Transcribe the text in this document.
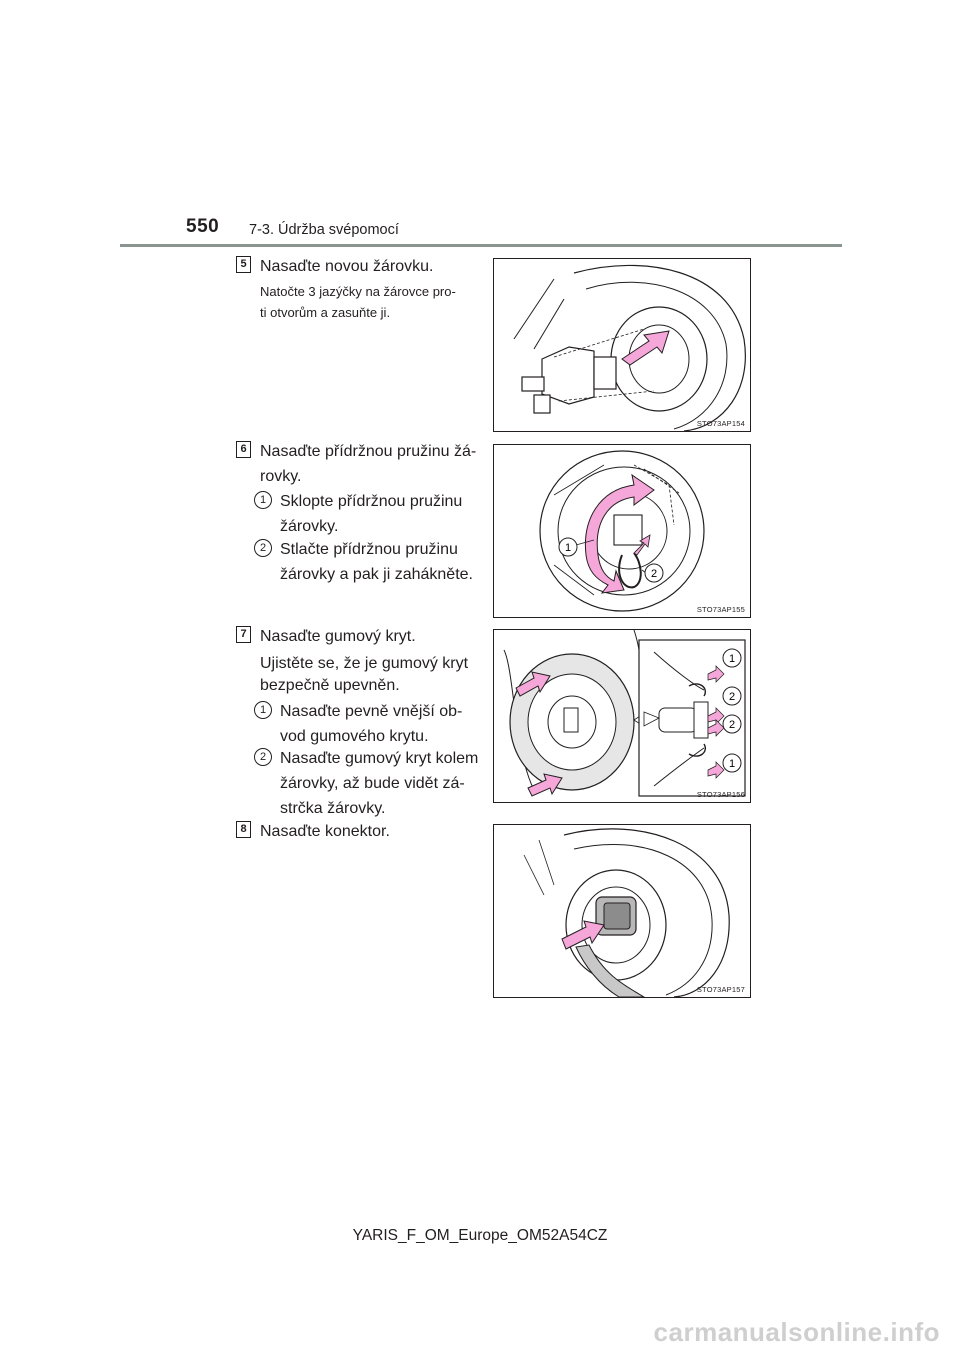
550 7-3. Údržba svépomocí
5 Nasaďte novou žárovku.
Natočte 3 jazýčky na žárovce pro-
ti otvorům a zasuňte ji.
STO73AP154
6 Nasaďte přídržnou pružinu žá-
rovky.
1 Sklopte přídržnou pružinu
žárovky.
2 Stlačte přídržnou pružinu
žárovky a pak ji zahákněte.
1
2
STO73AP155
7 Nasaďte gumový kryt.
Ujistěte se, že je gumový kryt
bezpečně upevněn.
1 Nasaďte pevně vnější ob-
vod gumového krytu.
2 Nasaďte gumový kryt kolem
žárovky, až bude vidět zá-
strčka žárovky.
1
2
2
1
STO73AP156
8 Nasaďte konektor.
STO73AP157
YARIS_F_OM_Europe_OM52A54CZ
carmanualsonline.info
